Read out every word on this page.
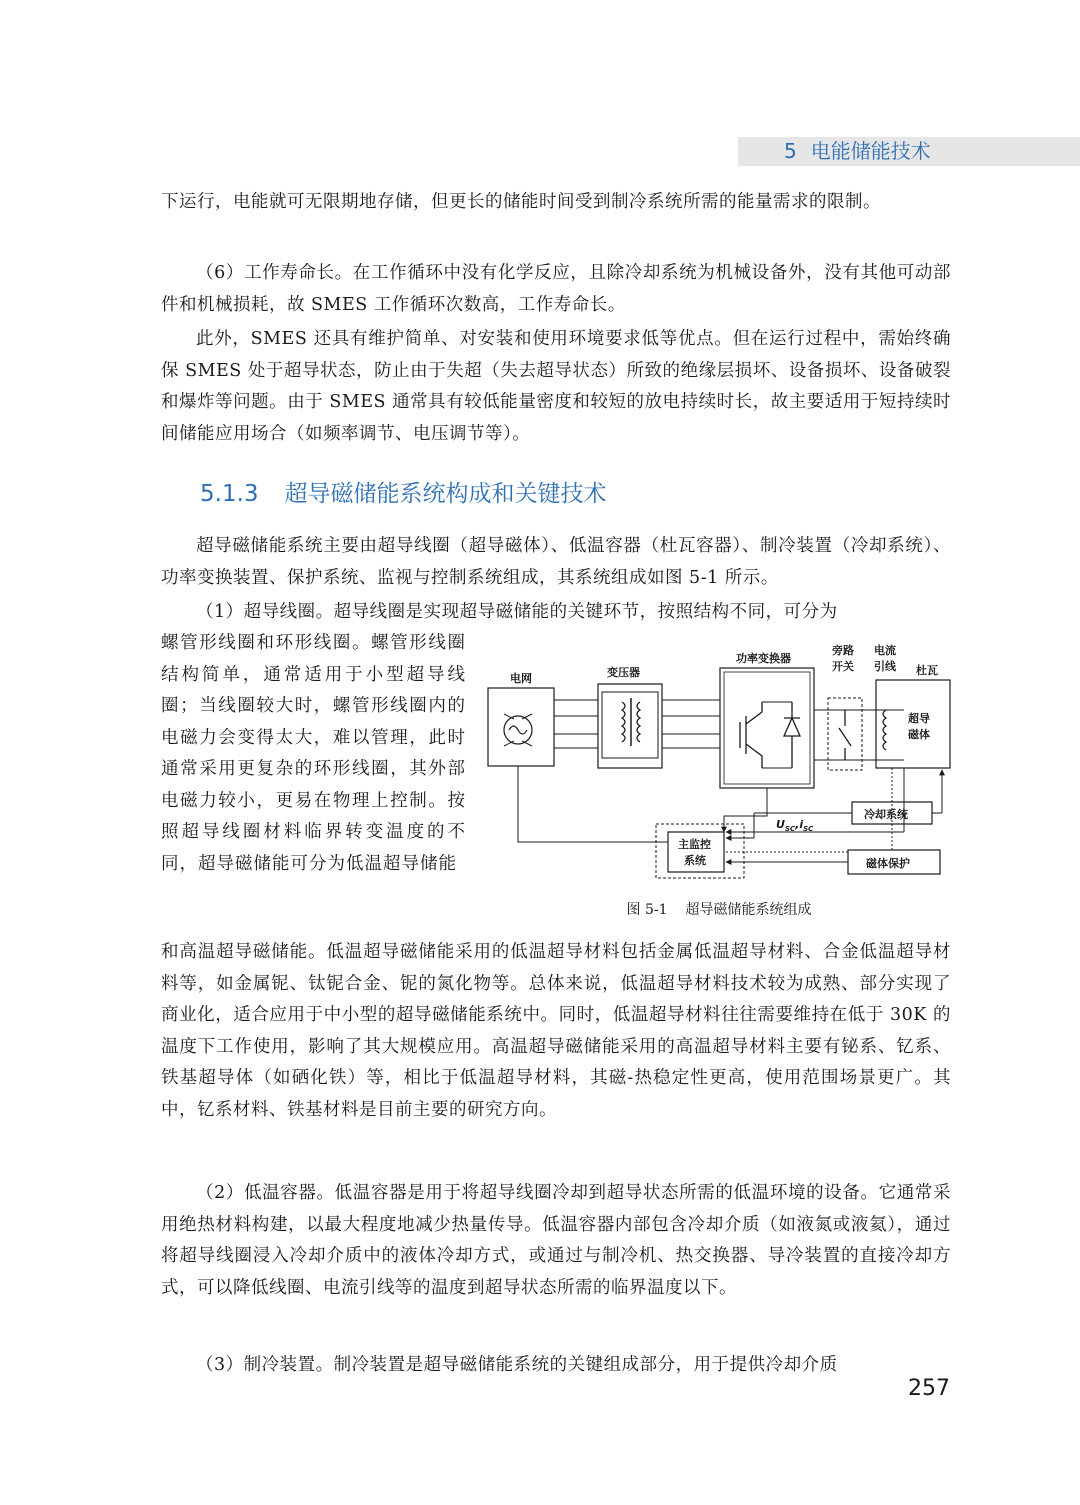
5 电能储能技术

下运行，电能就可无限期地存储，但更长的储能时间受到制冷系统所需的能量需求的限制。

（6）工作寿命长。在工作循环中没有化学反应，且除冷却系统为机械设备外，没有其他可动部件和机械损耗，故 SMES 工作循环次数高，工作寿命长。

此外，SMES 还具有维护简单、对安装和使用环境要求低等优点。但在运行过程中，需始终确保 SMES 处于超导状态，防止由于失超（失去超导状态）所致的绝缘层损坏、设备损坏、设备破裂和爆炸等问题。由于 SMES 通常具有较低能量密度和较短的放电持续时长，故主要适用于短持续时间储能应用场合（如频率调节、电压调节等）。

5.1.3 超导磁储能系统构成和关键技术

超导磁储能系统主要由超导线圈（超导磁体）、低温容器（杜瓦容器）、制冷装置（冷却系统）、功率变换装置、保护系统、监视与控制系统组成，其系统组成如图 5-1 所示。

（1）超导线圈。超导线圈是实现超导磁储能的关键环节，按照结构不同，可分为

螺管形线圈和环形线圈。螺管形线圈结构简单，通常适用于小型超导线圈；当线圈较大时，螺管形线圈内的电磁力会变得太大，难以管理，此时通常采用更复杂的环形线圈，其外部电磁力较小，更易在物理上控制。按照超导线圈材料临界转变温度的不同，超导磁储能可分为低温超导储能

电网	变压器
功率变换器
旁路
开关
电流
引线 杜瓦
超导
磁体
冷却系统
主监控
系统	磁体保护
$U_{SC},i_{SC}$
图 5-1 超导磁储能系统组成

和高温超导磁储能。低温超导磁储能采用的低温超导材料包括金属低温超导材料、合金低温超导材料等，如金属铌、钛铌合金、铌的氮化物等。总体来说，低温超导材料技术较为成熟、部分实现了商业化，适合应用于中小型的超导磁储能系统中。同时，低温超导材料往往需要维持在低于 30K 的温度下工作使用，影响了其大规模应用。高温超导磁储能采用的高温超导材料主要有铋系、钇系、铁基超导体（如硒化铁）等，相比于低温超导材料，其磁-热稳定性更高，使用范围场景更广。其中，钇系材料、铁基材料是目前主要的研究方向。

（2）低温容器。低温容器是用于将超导线圈冷却到超导状态所需的低温环境的设备。它通常采用绝热材料构建，以最大程度地减少热量传导。低温容器内部包含冷却介质（如液氮或液氦），通过将超导线圈浸入冷却介质中的液体冷却方式，或通过与制冷机、热交换器、导冷装置的直接冷却方式，可以降低线圈、电流引线等的温度到超导状态所需的临界温度以下。

（3）制冷装置。制冷装置是超导磁储能系统的关键组成部分，用于提供冷却介质

257
